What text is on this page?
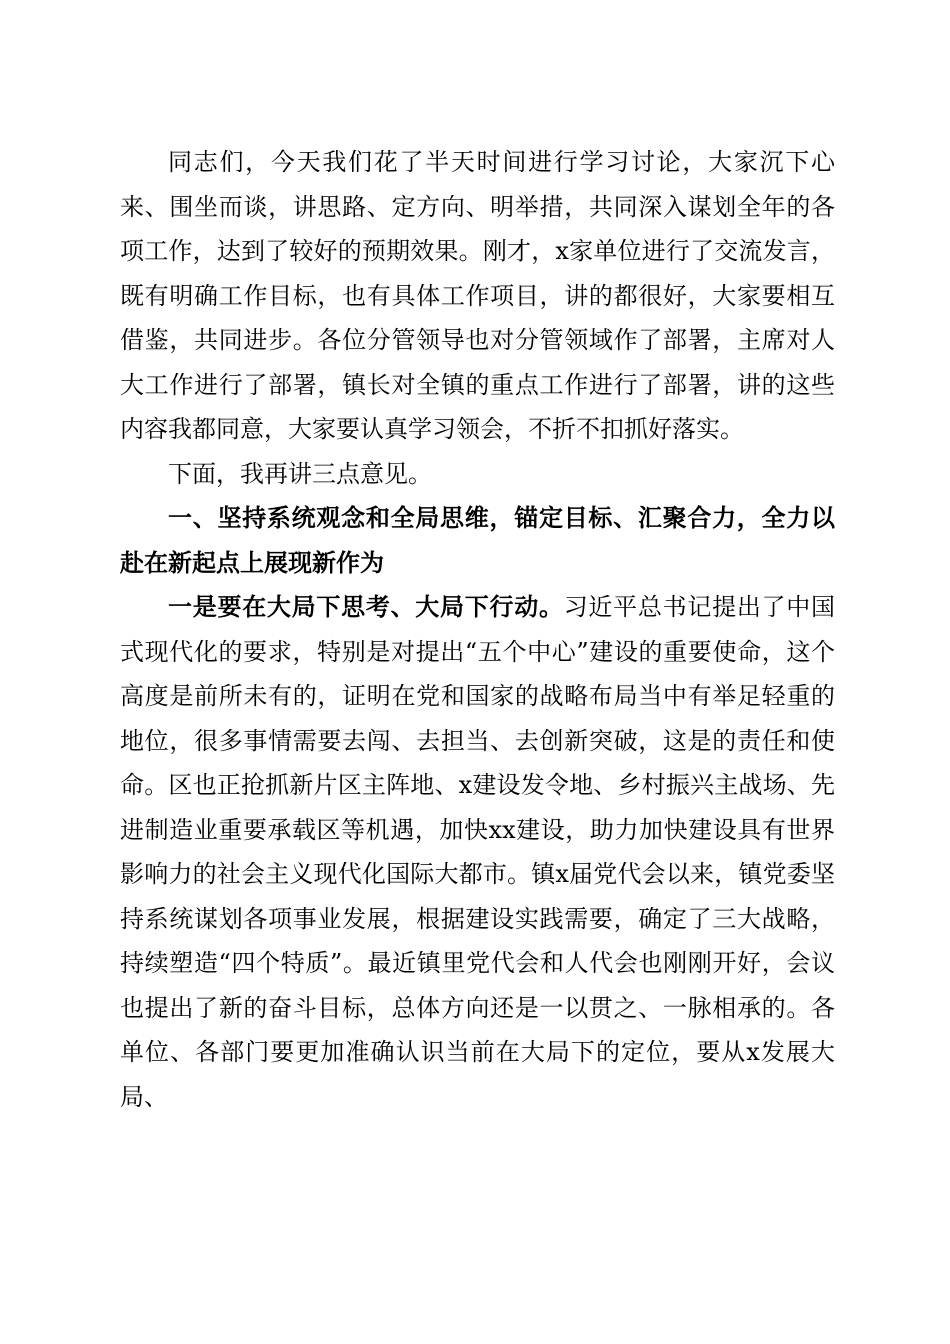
同志们，今天我们花了半天时间进行学习讨论，大家沉下心来、围坐而谈，讲思路、定方向、明举措，共同深入谋划全年的各项工作，达到了较好的预期效果。刚才，x家单位进行了交流发言，既有明确工作目标，也有具体工作项目，讲的都很好，大家要相互借鉴，共同进步。各位分管领导也对分管领域作了部署，主席对人大工作进行了部署，镇长对全镇的重点工作进行了部署，讲的这些内容我都同意，大家要认真学习领会，不折不扣抓好落实。

下面，我再讲三点意见。

一、坚持系统观念和全局思维，锚定目标、汇聚合力，全力以赴在新起点上展现新作为

一是要在大局下思考、大局下行动。习近平总书记提出了中国式现代化的要求，特别是对提出“五个中心”建设的重要使命，这个高度是前所未有的，证明在党和国家的战略布局当中有举足轻重的地位，很多事情需要去闯、去担当、去创新突破，这是的责任和使命。区也正抢抓新片区主阵地、x建设发令地、乡村振兴主战场、先进制造业重要承载区等机遇，加快xx建设，助力加快建设具有世界影响力的社会主义现代化国际大都市。镇x届党代会以来，镇党委坚持系统谋划各项事业发展，根据建设实践需要，确定了三大战略，持续塑造“四个特质”。最近镇里党代会和人代会也刚刚开好，会议也提出了新的奋斗目标，总体方向还是一以贯之、一脉相承的。各单位、各部门要更加准确认识当前在大局下的定位，要从x发展大局、
